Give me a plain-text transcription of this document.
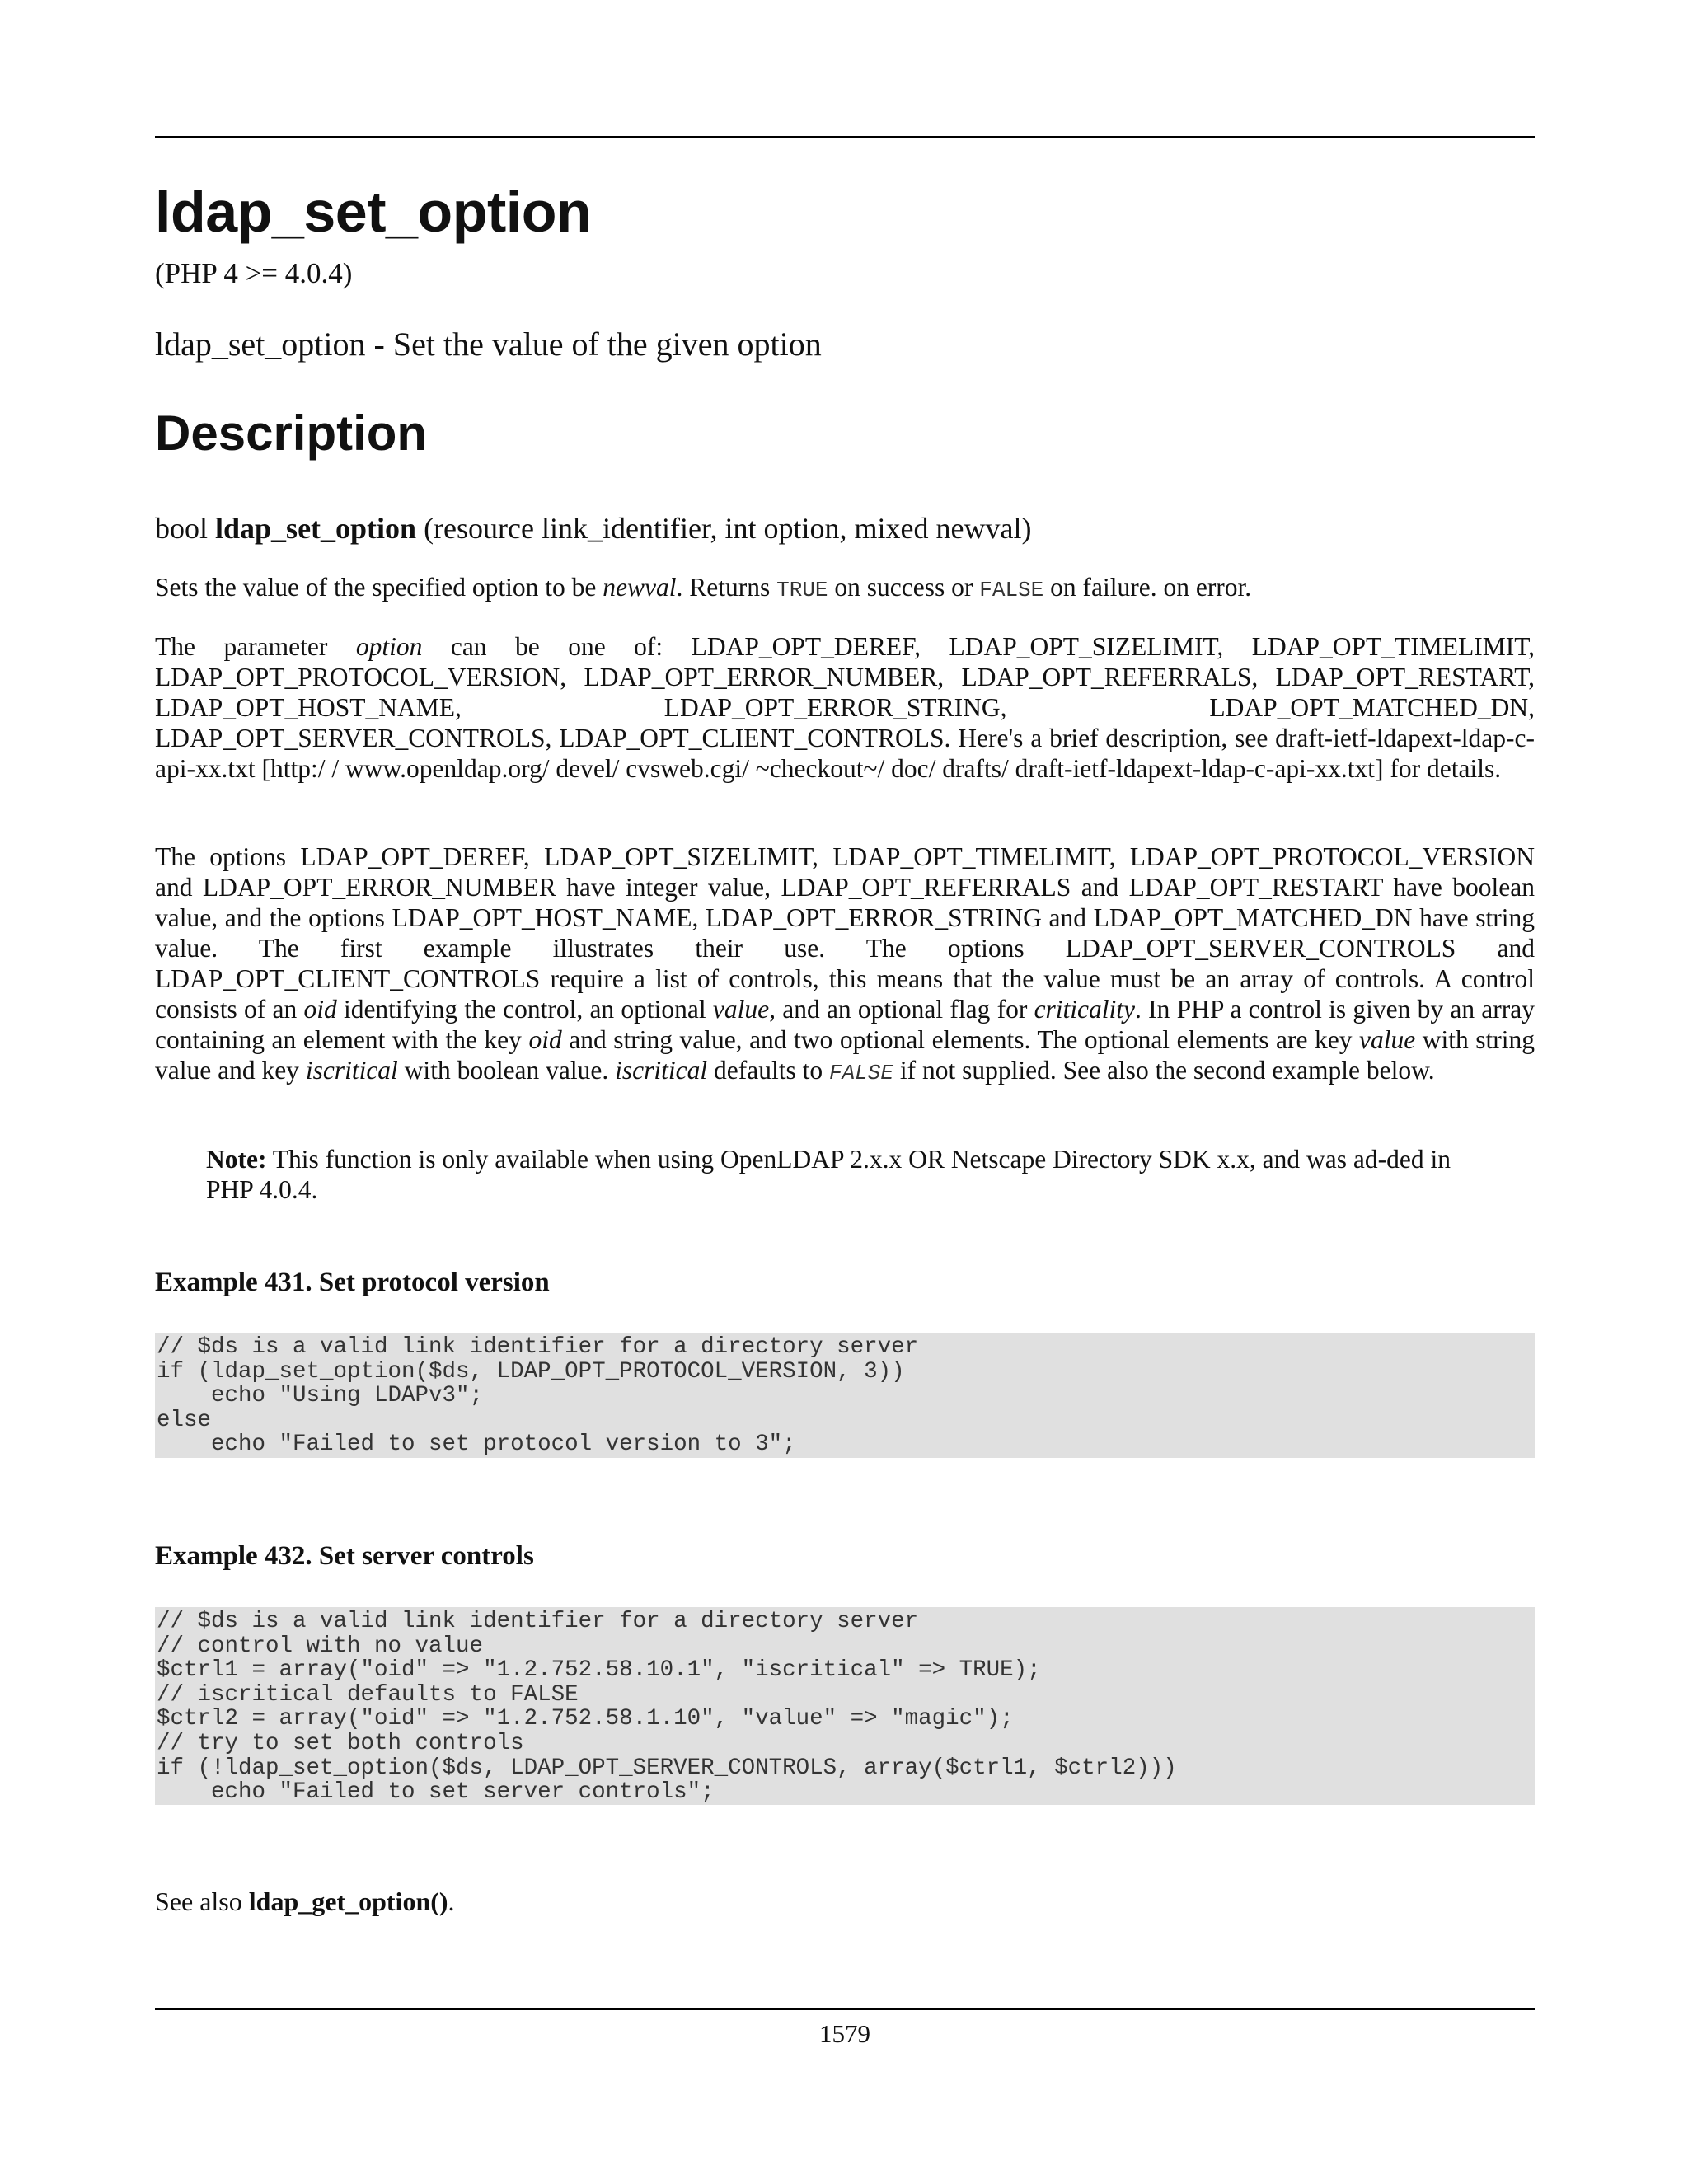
ldap_set_option
(PHP 4 >= 4.0.4)
ldap_set_option - Set the value of the given option
Description
bool ldap_set_option (resource link_identifier, int option, mixed newval)
Sets the value of the specified option to be newval. Returns TRUE on success or FALSE on failure. on error.
The parameter option can be one of: LDAP_OPT_DEREF, LDAP_OPT_SIZELIMIT, LDAP_OPT_TIMELIMIT, LDAP_OPT_PROTOCOL_VERSION, LDAP_OPT_ERROR_NUMBER, LDAP_OPT_REFERRALS, LDAP_OPT_RESTART, LDAP_OPT_HOST_NAME, LDAP_OPT_ERROR_STRING, LDAP_OPT_MATCHED_DN, LDAP_OPT_SERVER_CONTROLS, LDAP_OPT_CLIENT_CONTROLS. Here's a brief description, see draft-ietf-ldapext-ldap-c-api-xx.txt [http:/ / www.openldap.org/ devel/ cvsweb.cgi/ ~checkout~/ doc/ drafts/ draft-ietf-ldapext-ldap-c-api-xx.txt] for details.
The options LDAP_OPT_DEREF, LDAP_OPT_SIZELIMIT, LDAP_OPT_TIMELIMIT, LDAP_OPT_PROTOCOL_VERSION and LDAP_OPT_ERROR_NUMBER have integer value, LDAP_OPT_REFERRALS and LDAP_OPT_RESTART have boolean value, and the options LDAP_OPT_HOST_NAME, LDAP_OPT_ERROR_STRING and LDAP_OPT_MATCHED_DN have string value. The first example illustrates their use. The options LDAP_OPT_SERVER_CONTROLS and LDAP_OPT_CLIENT_CONTROLS require a list of controls, this means that the value must be an array of controls. A control consists of an oid identifying the control, an optional value, and an optional flag for criticality. In PHP a control is given by an array containing an element with the key oid and string value, and two optional elements. The optional elements are key value with string value and key iscritical with boolean value. iscritical defaults to FALSE if not supplied. See also the second example below.
Note: This function is only available when using OpenLDAP 2.x.x OR Netscape Directory SDK x.x, and was ad-ded in PHP 4.0.4.
Example 431. Set protocol version
// $ds is a valid link identifier for a directory server
if (ldap_set_option($ds, LDAP_OPT_PROTOCOL_VERSION, 3))
echo "Using LDAPv3";
else
echo "Failed to set protocol version to 3";
Example 432. Set server controls
// $ds is a valid link identifier for a directory server
// control with no value
$ctrl1 = array("oid" => "1.2.752.58.10.1", "iscritical" => TRUE);
// iscritical defaults to FALSE
$ctrl2 = array("oid" => "1.2.752.58.1.10", "value" => "magic");
// try to set both controls
if (!ldap_set_option($ds, LDAP_OPT_SERVER_CONTROLS, array($ctrl1, $ctrl2)))
echo "Failed to set server controls";
See also ldap_get_option().
1579
